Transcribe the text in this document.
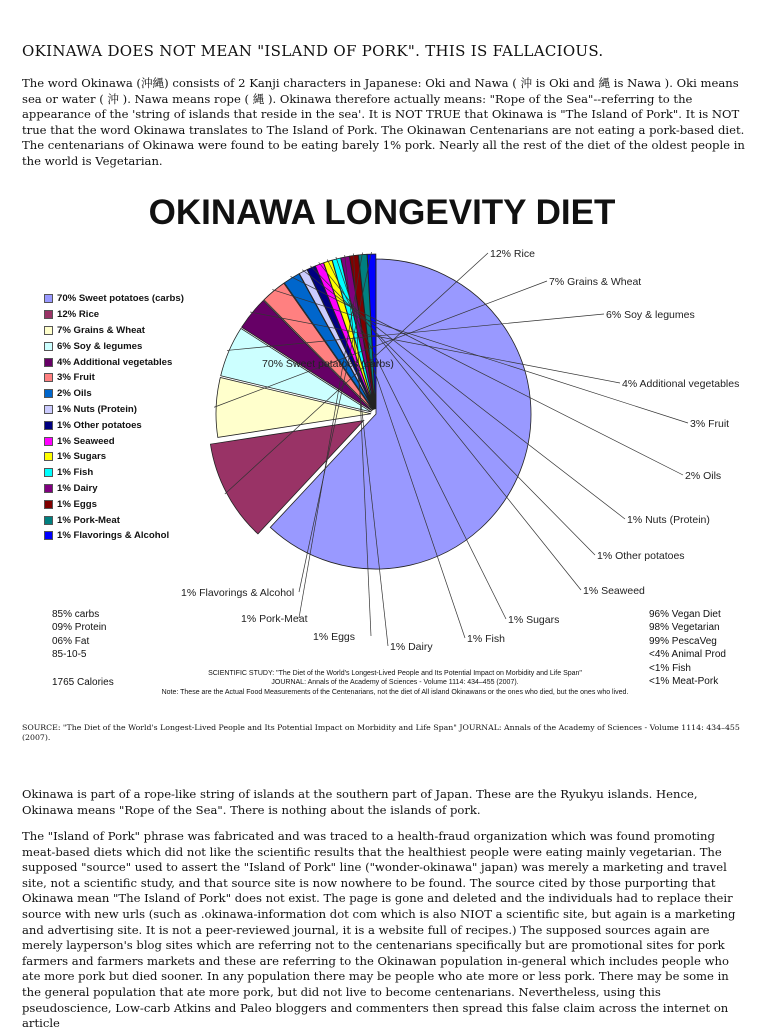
OKINAWA DOES NOT MEAN "ISLAND OF PORK". THIS IS FALLACIOUS.
The word Okinawa (沖縄) consists of 2 Kanji characters in Japanese: Oki and Nawa ( 沖 is Oki and 縄 is Nawa ). Oki means sea or water ( 沖 ). Nawa means rope ( 縄 ). Okinawa therefore actually means: "Rope of the Sea"--referring to the appearance of the 'string of islands that reside in the sea'. It is NOT TRUE that Okinawa is "The Island of Pork". It is NOT true that the word Okinawa translates to The Island of Pork. The Okinawan Centenarians are not eating a pork-based diet. The centenarians of Okinawa were found to be eating barely 1% pork. Nearly all the rest of the diet of the oldest people in the world is Vegetarian.
OKINAWA LONGEVITY DIET
70% Sweet potatoes (carbs)
12% Rice
7% Grains & Wheat
6% Soy & legumes
4% Additional vegetables
3% Fruit
2% Oils
1% Nuts (Protein)
1% Other potatoes
1% Seaweed
1% Sugars
1% Fish
1% Dairy
1% Eggs
1% Pork-Meat
1% Flavorings & Alcohol
70% Sweet potatoes (carbs)
12% Rice
7% Grains & Wheat
6% Soy & legumes
4% Additional vegetables
3% Fruit
2% Oils
1% Nuts (Protein)
1% Other potatoes
1% Seaweed
1% Sugars
1% Fish
1% Dairy
1% Eggs
1% Pork-Meat
1% Flavorings & Alcohol
85% carbs
09% Protein
06% Fat
85-10-5
1765 Calories
SCIENTIFIC STUDY: "The Diet of the World's Longest-Lived People and Its Potential Impact on Morbidity and Life Span"
JOURNAL: Annals of the Academy of Sciences - Volume 1114: 434–455 (2007).
Note: These are the Actual Food Measurements of the Centenarians, not the diet of All island Okinawans or the ones who died, but the ones who lived.
96% Vegan Diet
98% Vegetarian
99% PescaVeg
<4% Animal Prod
<1% Fish
<1% Meat-Pork
SOURCE: "The Diet of the World's Longest-Lived People and Its Potential Impact on Morbidity and Life Span" JOURNAL: Annals of the Academy of Sciences - Volume 1114: 434–455 (2007).
Okinawa is part of a rope-like string of islands at the southern part of Japan. These are the Ryukyu islands. Hence, Okinawa means "Rope of the Sea". There is nothing about the islands of pork.
The "Island of Pork" phrase was fabricated and was traced to a health-fraud organization which was found promoting meat-based diets which did not like the scientific results that the healthiest people were eating mainly vegetarian. The supposed "source" used to assert the "Island of Pork" line ("wonder-okinawa" japan) was merely a marketing and travel site, not a scientific study, and that source site is now nowhere to be found. The source cited by those purporting that Okinawa mean "The Island of Pork" does not exist. The page is gone and deleted and the individuals had to replace their source with new urls (such as .okinawa-information dot com which is also NIOT a scientific site, but again is a marketing and advertising site. It is not a peer-reviewed journal, it is a website full of recipes.) The supposed sources again are merely layperson's blog sites which are referring not to the centenarians specifically but are promotional sites for pork farmers and farmers markets and these are referring to the Okinawan population in-general which includes people who ate more pork but died sooner. In any population there may be people who ate more or less pork. There may be some in the general population that ate more pork, but did not live to become centenarians. Nevertheless, using this pseudoscience, Low-carb Atkins and Paleo bloggers and commenters then spread this false claim across the internet on article
